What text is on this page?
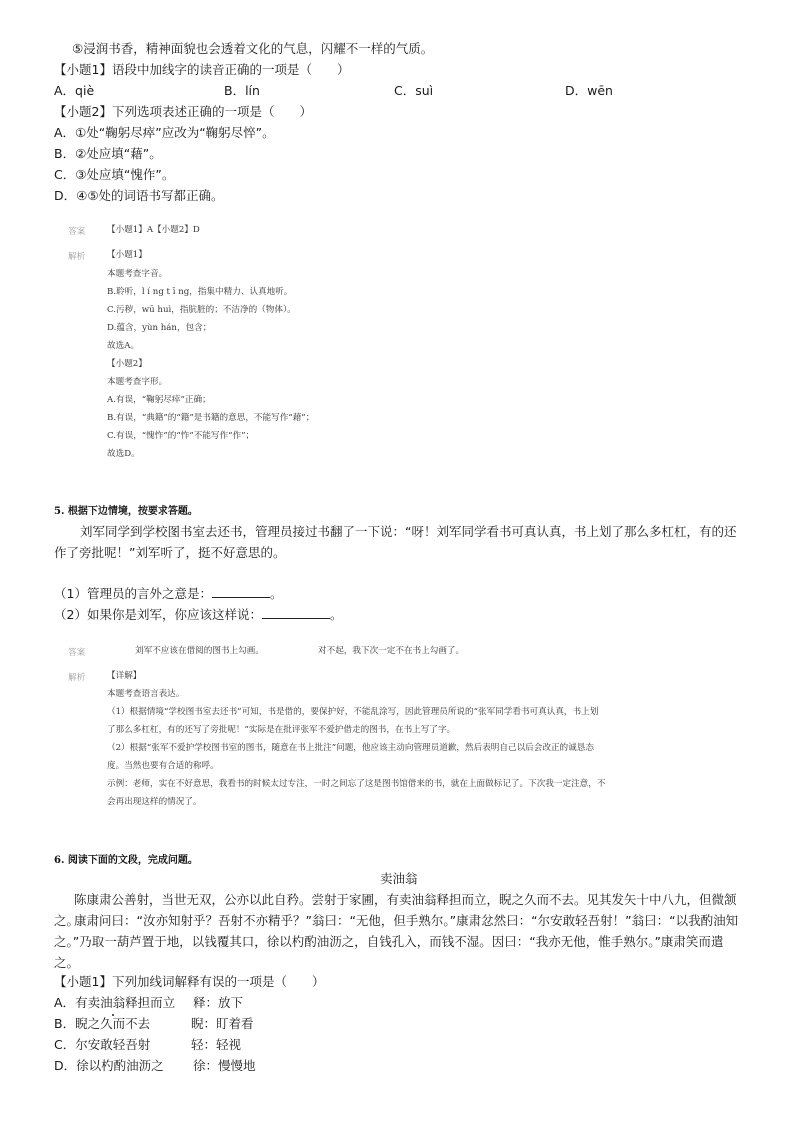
⑤浸润书香，精神面貌也会透着文化的气息，闪耀不一样的气质。
【小题1】语段中加线字的读音正确的一项是（　　）
A．qiè	B．lín	C．suì	D．wēn
【小题2】下列选项表述正确的一项是（　　）
A．①处“鞠躬尽瘁”应改为“鞠躬尽悴”。
B．②处应填“藉”。
C．③处应填“愧作”。
D．④⑤处的词语书写都正确。
答案	【小题1】A【小题2】D
解析	【小题1】
本题考查字音。
B.聆听，l í ng t ī ng，指集中精力、认真地听。
C.污秽，wū huì，指肮脏的；不洁净的（物体）。
D.蕴含，yùn hán，包含；
故选A。
【小题2】
本题考查字形。
A.有误，“鞠躬尽瘁”正确；
B.有误，“典籍”的“籍”是书籍的意思，不能写作“藉”；
C.有误，“愧怍”的“怍”不能写作“作”；
故选D。
5. 根据下边情境，按要求答题。
刘军同学到学校图书室去还书，管理员接过书翻了一下说：“呀！刘军同学看书可真认真，书上划了那么多杠杠，有的还作了旁批呢！”刘军听了，挺不好意思的。
（1）管理员的言外之意是：	。
（2）如果你是刘军，你应该这样说：	。
答案	刘军不应该在借阅的图书上勾画。	对不起，我下次一定不在书上勾画了。
解析	【详解】
本题考查语言表达。
（1）根据情境“学校图书室去还书”可知，书是借的，要保护好，不能乱涂写，因此管理员所说的“张军同学看书可真认真，书上划
了那么多杠杠，有的还写了旁批呢！”实际是在批评张军不爱护借走的图书，在书上写了字。
（2）根据“张军不爱护学校图书室的图书，随意在书上批注”问题，他应该主动向管理员道歉，然后表明自己以后会改正的诚恳态
度。当然也要有合适的称呼。
示例：老师，实在不好意思，我看书的时候太过专注，一时之间忘了这是图书馆借来的书，就在上面做标记了。下次我一定注意，不
会再出现这样的情况了。
6. 阅读下面的文段，完成问题。
卖油翁
陈康肃公善射，当世无双，公亦以此自矜。尝射于家圃，有卖油翁释担而立，睨之久而不去。见其发矢十中八九，但微颔之。
康肃问曰：“汝亦知射乎？吾射不亦精乎？”翁曰：“无他，但手熟尔。”康肃忿然曰：“尔安敢轻吾射！”翁曰：“以我酌油知之。”乃取一葫芦置于地，以钱覆其口，徐以杓酌油沥之，自钱孔入，而钱不湿。因曰：“我亦无他，惟手熟尔。”康肃笑而遣之。
【小题1】下列加线词解释有误的一项是（　　）
A．有卖油翁释担而立 释：放下
B．睨之久而不去	睨：盯着看
C．尔安敢轻吾射	轻：轻视
D．徐以杓酌油沥之 徐：慢慢地
